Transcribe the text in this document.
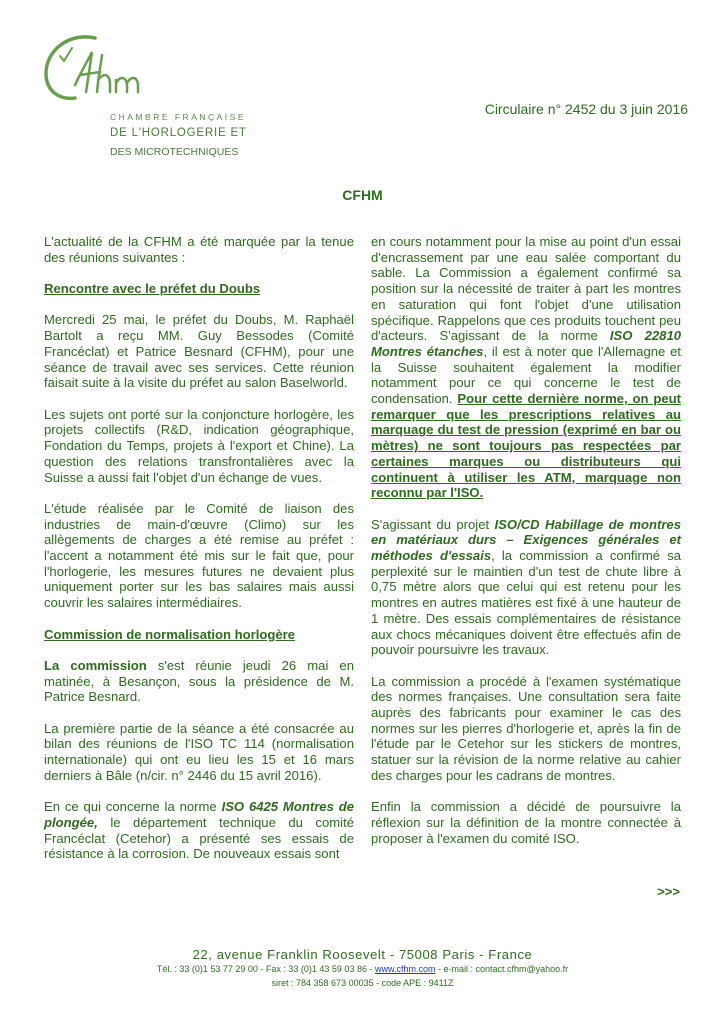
CHAMBRE FRANÇAISE
DE L'HORLOGERIE ET
DES MICROTECHNIQUES
Circulaire n° 2452 du 3 juin 2016
CFHM

L'actualité de la CFHM a été marquée par la tenue des réunions suivantes :

Rencontre avec le préfet du Doubs

Mercredi 25 mai, le préfet du Doubs, M. Raphaël Bartolt a reçu MM. Guy Bessodes (Comité Francéclat) et Patrice Besnard (CFHM), pour une séance de travail avec ses services. Cette réunion faisait suite à la visite du préfet au salon Baselworld.

Les sujets ont porté sur la conjoncture horlogère, les projets collectifs (R&D, indication géographique, Fondation du Temps, projets à l'export et Chine). La question des relations transfrontalières avec la Suisse a aussi fait l'objet d'un échange de vues.

L'étude réalisée par le Comité de liaison des industries de main-d'œuvre (Climo) sur les allègements de charges a été remise au préfet : l'accent a notamment été mis sur le fait que, pour l'horlogerie, les mesures futures ne devaient plus uniquement porter sur les bas salaires mais aussi couvrir les salaires intermédiaires.

Commission de normalisation horlogère

La commission s'est réunie jeudi 26 mai en matinée, à Besançon, sous la présidence de M. Patrice Besnard.

La première partie de la séance a été consacrée au bilan des réunions de l'ISO TC 114 (normalisation internationale) qui ont eu lieu les 15 et 16 mars derniers à Bâle (n/cir. n° 2446 du 15 avril 2016).

En ce qui concerne la norme ISO 6425 Montres de plongée, le département technique du comité Francéclat (Cetehor) a présenté ses essais de résistance à la corrosion. De nouveaux essais sont

en cours notamment pour la mise au point d'un essai d'encrassement par une eau salée comportant du sable. La Commission a également confirmé sa position sur la nécessité de traiter à part les montres en saturation qui font l'objet d'une utilisation spécifique. Rappelons que ces produits touchent peu d'acteurs. S'agissant de la norme ISO 22810 Montres étanches, il est à noter que l'Allemagne et la Suisse souhaitent également la modifier notamment pour ce qui concerne le test de condensation. Pour cette dernière norme, on peut remarquer que les prescriptions relatives au marquage du test de pression (exprimé en bar ou mètres) ne sont toujours pas respectées par certaines marques ou distributeurs qui continuent à utiliser les ATM, marquage non reconnu par l'ISO.

S'agissant du projet ISO/CD Habillage de montres en matériaux durs – Exigences générales et méthodes d'essais, la commission a confirmé sa perplexité sur le maintien d'un test de chute libre à 0,75 mètre alors que celui qui est retenu pour les montres en autres matières est fixé à une hauteur de 1 mètre. Des essais complémentaires de résistance aux chocs mécaniques doivent être effectués afin de pouvoir poursuivre les travaux.

La commission a procédé à l'examen systématique des normes françaises. Une consultation sera faite auprès des fabricants pour examiner le cas des normes sur les pierres d'horlogerie et, après la fin de l'étude par le Cetehor sur les stickers de montres, statuer sur la révision de la norme relative au cahier des charges pour les cadrans de montres.

Enfin la commission a décidé de poursuivre la réflexion sur la définition de la montre connectée à proposer à l'examen du comité ISO.

>>>
22, avenue Franklin Roosevelt - 75008 Paris - France
Tél. : 33 (0)1 53 77 29 00 - Fax : 33 (0)1 43 59 03 86 - www.cfhm.com - e-mail : contact.cfhm@yahoo.fr
siret : 784 358 673 00035 - code APE : 9411Z
